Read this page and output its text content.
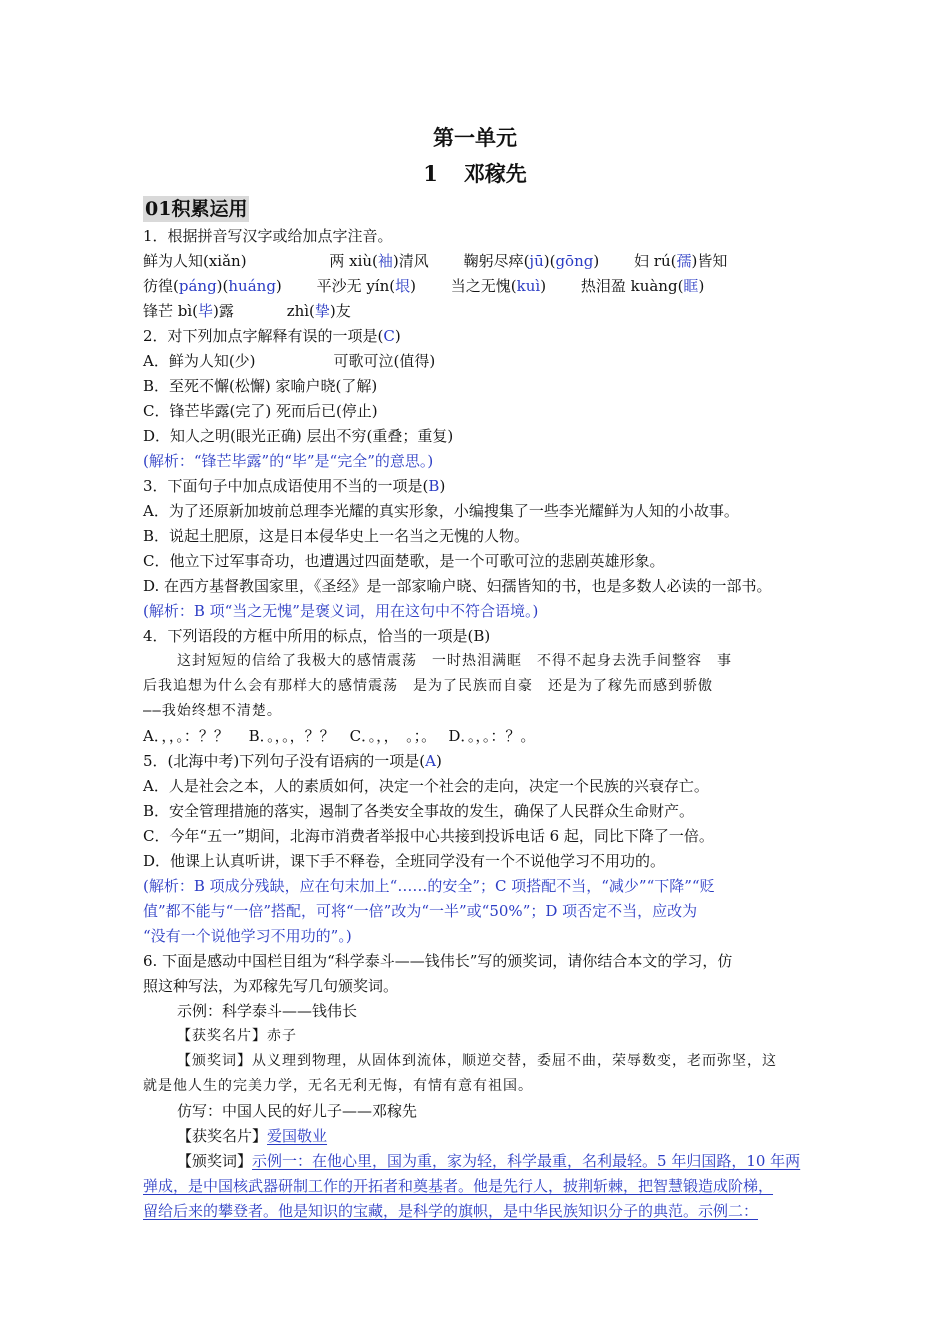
第一单元
1 邓稼先
01积累运用
1．根据拼音写汉字或给加点字注音。
鲜为人知(xiǎn)	两 xiù(袖)清风 鞠躬尽瘁(jū)(gōng) 妇 rú(孺)皆知
彷徨(páng)(huáng) 平沙无 yín(垠) 当之无愧(kuì) 热泪盈 kuàng(眶)
锋芒 bì(毕)露	zhì(挚)友
2．对下列加点字解释有误的一项是(C)
A．鲜为人知(少)	可歌可泣(值得)
B．至死不懈(松懈) 家喻户晓(了解)
C．锋芒毕露(完了) 死而后已(停止)
D．知人之明(眼光正确) 层出不穷(重叠；重复)
(解析：“锋芒毕露”的“毕”是“完全”的意思。)
3．下面句子中加点成语使用不当的一项是(B)
A．为了还原新加坡前总理李光耀的真实形象，小编搜集了一些李光耀鲜为人知的小故事。
B．说起土肥原，这是日本侵华史上一名当之无愧的人物。
C．他立下过军事奇功，也遭遇过四面楚歌，是一个可歌可泣的悲剧英雄形象。
D. 在西方基督教国家里，《圣经》是一部家喻户晓、妇孺皆知的书，也是多数人必读的一部书。
(解析：B 项“当之无愧”是褒义词，用在这句中不符合语境。)
4．下列语段的方框中所用的标点，恰当的一项是(B)
这封短短的信给了我极大的感情震荡　一时热泪满眶　不得不起身去洗手间整容　事
后我追想为什么会有那样大的感情震荡　是为了民族而自豪　还是为了稼先而感到骄傲
——我始终想不清楚。
A．，，。：？？　 B．。，。，？？　C．。，，　。；。　 D．。，。：？。
5．(北海中考)下列句子没有语病的一项是(A)
A．人是社会之本，人的素质如何，决定一个社会的走向，决定一个民族的兴衰存亡。
B．安全管理措施的落实，遏制了各类安全事故的发生，确保了人民群众生命财产。
C．今年“五一”期间，北海市消费者举报中心共接到投诉电话 6 起，同比下降了一倍。
D．他课上认真听讲，课下手不释卷，全班同学没有一个不说他学习不用功的。
(解析：B 项成分残缺，应在句末加上“……的安全”；C 项搭配不当，“减少”“下降”“贬
值”都不能与“一倍”搭配，可将“一倍”改为“一半”或“50%”；D 项否定不当，应改为
“没有一个说他学习不用功的”。)
6. 下面是感动中国栏目组为“科学泰斗——钱伟长”写的颁奖词，请你结合本文的学习，仿
照这种写法，为邓稼先写几句颁奖词。
示例：科学泰斗——钱伟长
【获奖名片】赤子
【颁奖词】从义理到物理，从固体到流体，顺逆交替，委屈不曲，荣辱数变，老而弥坚，这
就是他人生的完美力学，无名无利无悔，有情有意有祖国。
仿写：中国人民的好儿子——邓稼先
【获奖名片】爱国敬业
【颁奖词】示例一：在他心里，国为重，家为轻，科学最重，名利最轻。5 年归国路，10 年两
弹成，是中国核武器研制工作的开拓者和奠基者。他是先行人，披荆斩棘，把智慧锻造成阶梯，
留给后来的攀登者。他是知识的宝藏，是科学的旗帜，是中华民族知识分子的典范。示例二：
